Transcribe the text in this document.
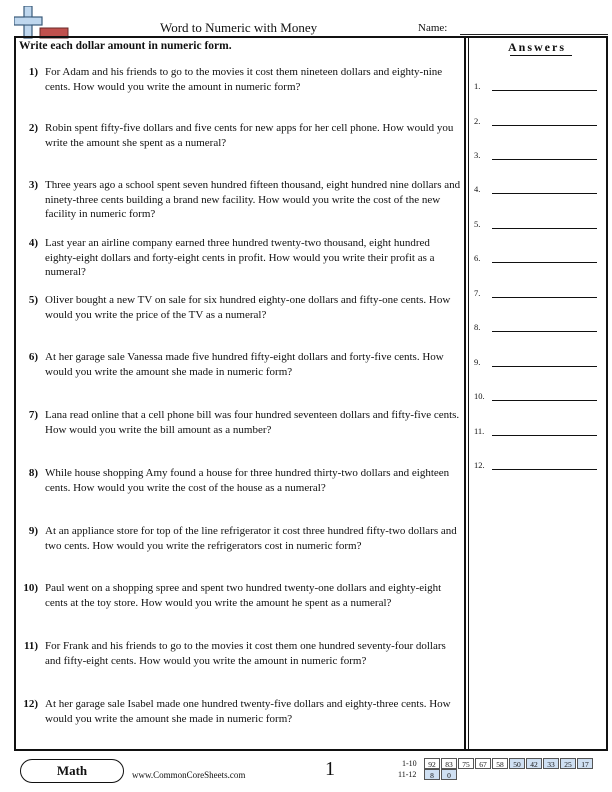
Word to Numeric with Money	Name:
Write each dollar amount in numeric form.
1) For Adam and his friends to go to the movies it cost them nineteen dollars and eighty-nine cents. How would you write the amount in numeric form?
2) Robin spent fifty-five dollars and five cents for new apps for her cell phone. How would you write the amount she spent as a numeral?
3) Three years ago a school spent seven hundred fifteen thousand, eight hundred nine dollars and ninety-three cents building a brand new facility. How would you write the cost of the new facility in numeric form?
4) Last year an airline company earned three hundred twenty-two thousand, eight hundred eighty-eight dollars and forty-eight cents in profit. How would you write their profit as a numeral?
5) Oliver bought a new TV on sale for six hundred eighty-one dollars and fifty-one cents. How would you write the price of the TV as a numeral?
6) At her garage sale Vanessa made five hundred fifty-eight dollars and forty-five cents. How would you write the amount she made in numeric form?
7) Lana read online that a cell phone bill was four hundred seventeen dollars and fifty-five cents. How would you write the bill amount as a number?
8) While house shopping Amy found a house for three hundred thirty-two dollars and eighteen cents. How would you write the cost of the house as a numeral?
9) At an appliance store for top of the line refrigerator it cost three hundred fifty-two dollars and two cents. How would you write the refrigerators cost in numeric form?
10) Paul went on a shopping spree and spent two hundred twenty-one dollars and eighty-eight cents at the toy store. How would you write the amount he spent as a numeral?
11) For Frank and his friends to go to the movies it cost them one hundred seventy-four dollars and fifty-eight cents. How would you write the amount in numeric form?
12) At her garage sale Isabel made one hundred twenty-five dollars and eighty-three cents. How would you write the amount she made in numeric form?
Answers
1.
2.
3.
4.
5.
6.
7.
8.
9.
10.
11.
12.
Math	www.CommonCoreSheets.com	1	1-10	92	83	75	67	58	50	42	33	25	17
11-12	8	0
